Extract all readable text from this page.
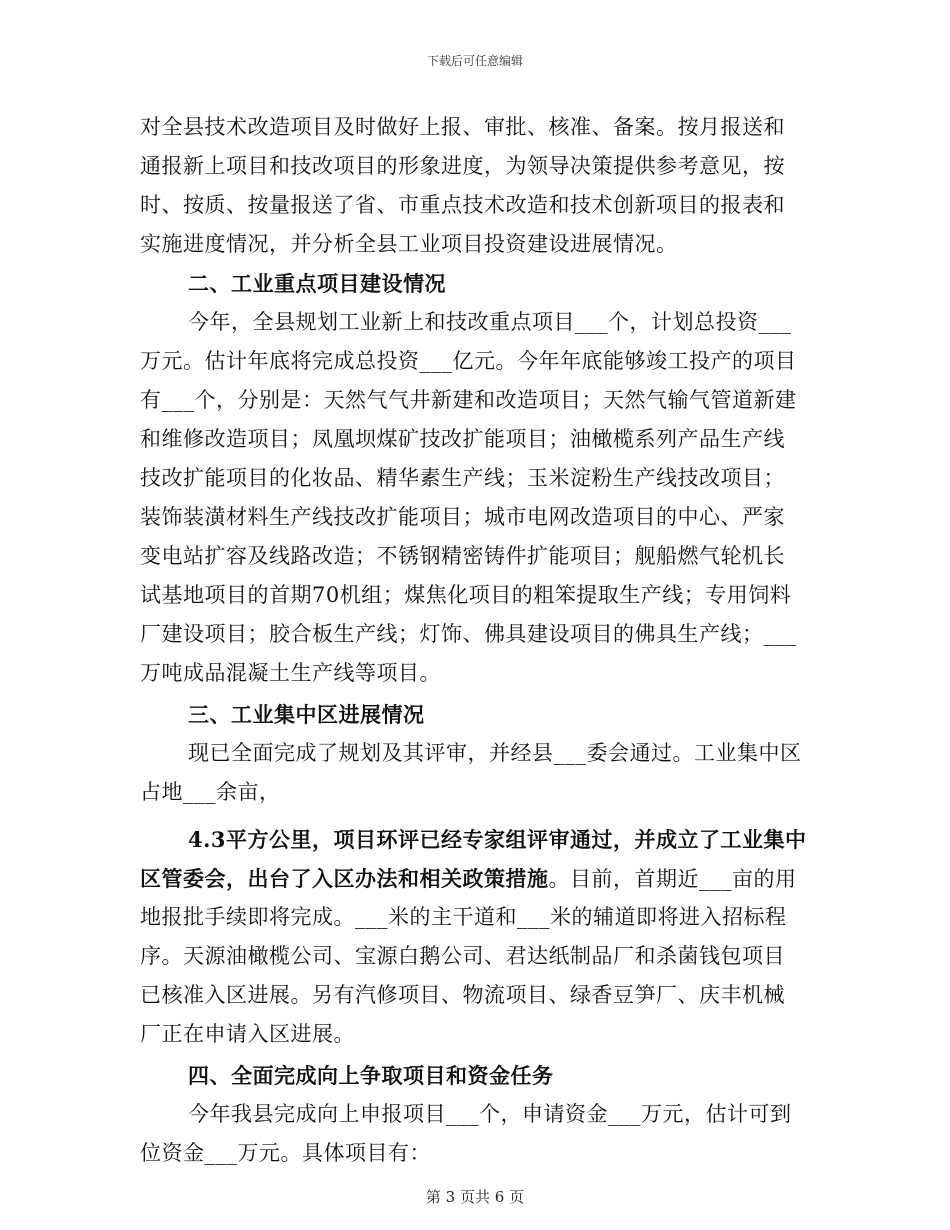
下载后可任意编辑
对全县技术改造项目及时做好上报、审批、核准、备案。按月报送和
通报新上项目和技改项目的形象进度，为领导决策提供参考意见，按
时、按质、按量报送了省、市重点技术改造和技术创新项目的报表和
实施进度情况，并分析全县工业项目投资建设进展情况。
二、工业重点项目建设情况
今年，全县规划工业新上和技改重点项目___个，计划总投资___
万元。估计年底将完成总投资___亿元。今年年底能够竣工投产的项目
有___个，分别是：天然气气井新建和改造项目；天然气输气管道新建
和维修改造项目；凤凰坝煤矿技改扩能项目；油橄榄系列产品生产线
技改扩能项目的化妆品、精华素生产线；玉米淀粉生产线技改项目；
装饰装潢材料生产线技改扩能项目；城市电网改造项目的中心、严家
变电站扩容及线路改造；不锈钢精密铸件扩能项目；舰船燃气轮机长
试基地项目的首期70机组；煤焦化项目的粗笨提取生产线；专用饲料
厂建设项目；胶合板生产线；灯饰、佛具建设项目的佛具生产线；___
万吨成品混凝土生产线等项目。
三、工业集中区进展情况
现已全面完成了规划及其评审，并经县___委会通过。工业集中区
占地___余亩，
4.3平方公里，项目环评已经专家组评审通过，并成立了工业集中
区管委会，出台了入区办法和相关政策措施。目前，首期近___亩的用
地报批手续即将完成。___米的主干道和___米的辅道即将进入招标程
序。天源油橄榄公司、宝源白鹅公司、君达纸制品厂和杀菌钱包项目
已核准入区进展。另有汽修项目、物流项目、绿香豆笋厂、庆丰机械
厂正在申请入区进展。
四、全面完成向上争取项目和资金任务
今年我县完成向上申报项目___个，申请资金___万元，估计可到
位资金___万元。具体项目有：
第 3 页共 6 页
